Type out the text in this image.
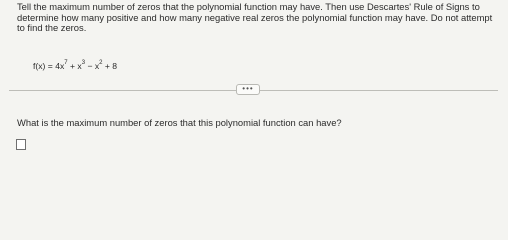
Tell the maximum number of zeros that the polynomial function may have. Then use Descartes' Rule of Signs to determine how many positive and how many negative real zeros the polynomial function may have. Do not attempt to find the zeros.

$f(x) = 4x^7 + x^3 - x^2 + 8$
•••

What is the maximum number of zeros that this polynomial function can have?
